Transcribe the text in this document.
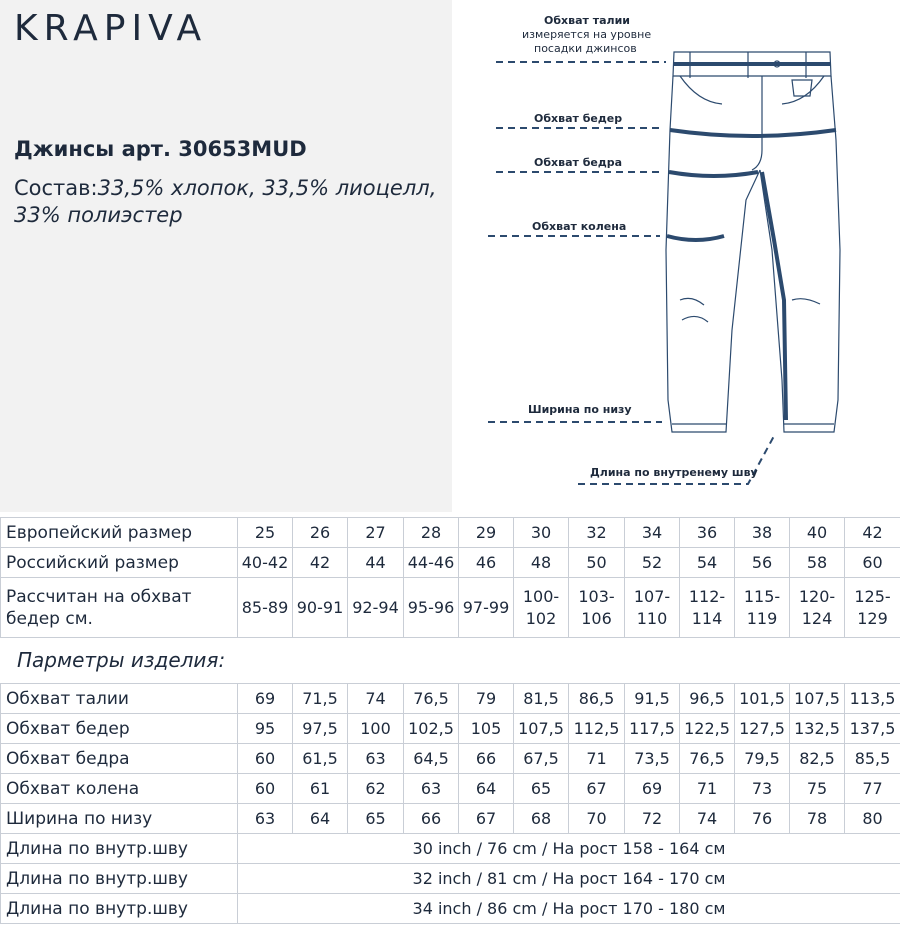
KRAPIVA
Джинсы арт. 30653MUD
Состав:33,5% хлопок, 33,5% лиоцелл,
33% полиэстер
Обхват талии
измеряется на уровне
посадки джинсов
Обхват бедер
Обхват бедра
Обхват колена
Ширина по низу
Длина по внутренему шву
Европейский размер	25	26	27	28	29	30	32	34	36	38	40	42
Российский размер	40-42	42	44	44-46	46	48	50	52	54	56	58	60
Рассчитан на обхват бедер см.	85-89	90-91	92-94	95-96	97-99	100-102	103-106	107-110	112-114	115-119	120-124	125-129
Парметры изделия:
Обхват талии	69	71,5	74	76,5	79	81,5	86,5	91,5	96,5	101,5	107,5	113,5
Обхват бедер	95	97,5	100	102,5	105	107,5	112,5	117,5	122,5	127,5	132,5	137,5
Обхват бедра	60	61,5	63	64,5	66	67,5	71	73,5	76,5	79,5	82,5	85,5
Обхват колена	60	61	62	63	64	65	67	69	71	73	75	77
Ширина по низу	63	64	65	66	67	68	70	72	74	76	78	80
Длина по внутр.шву	30 inch / 76 cm / На рост 158 - 164 см											
Длина по внутр.шву	32 inch / 81 cm / На рост 164 - 170 см											
Длина по внутр.шву	34 inch / 86 cm / На рост 170 - 180 см											
